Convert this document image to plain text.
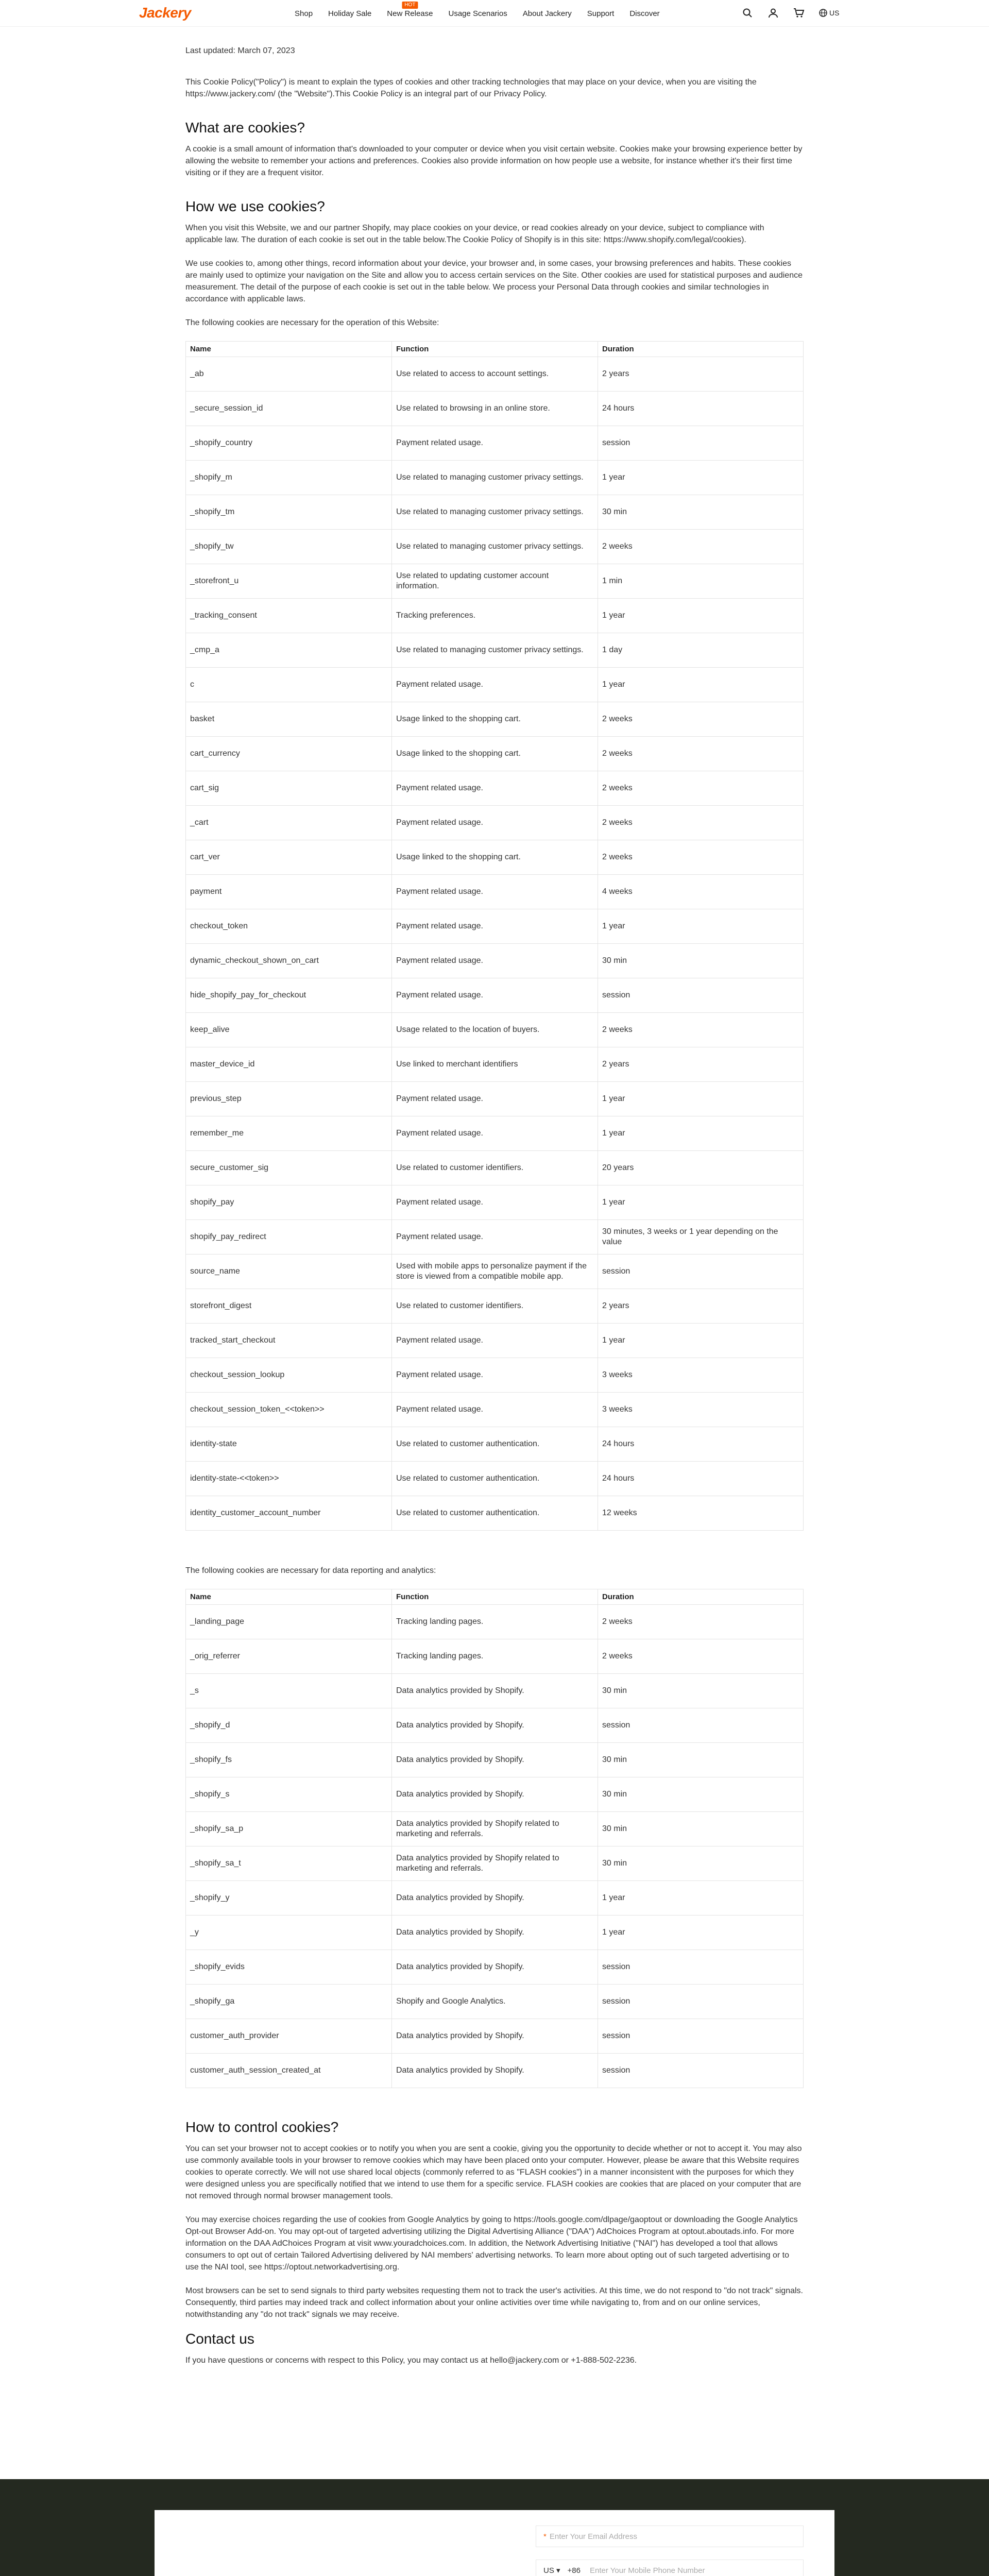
Jackery	Shop	Holiday Sale	New Release
HOT
Usage Scenarios	About Jackery	Support	Discover	US
Last updated: March 07, 2023

This Cookie Policy("Policy") is meant to explain the types of cookies and other tracking technologies that may place on your device, when you are visiting the https://www.jackery.com/ (the "Website").This Cookie Policy is an integral part of our Privacy Policy.

What are cookies?

A cookie is a small amount of information that's downloaded to your computer or device when you visit certain website. Cookies make your browsing experience better by allowing the website to remember your actions and preferences. Cookies also provide information on how people use a website, for instance whether it's their first time visiting or if they are a frequent visitor.

How we use cookies?

When you visit this Website, we and our partner Shopify, may place cookies on your device, or read cookies already on your device, subject to compliance with applicable law. The duration of each cookie is set out in the table below.The Cookie Policy of Shopify is in this site: https://www.shopify.com/legal/cookies).

We use cookies to, among other things, record information about your device, your browser and, in some cases, your browsing preferences and habits. These cookies are mainly used to optimize your navigation on the Site and allow you to access certain services on the Site. Other cookies are used for statistical purposes and audience measurement. The detail of the purpose of each cookie is set out in the table below. We process your Personal Data through cookies and similar technologies in accordance with applicable laws.

The following cookies are necessary for the operation of this Website:

Name	Function	Duration
_ab	Use related to access to account settings.	2 years
_secure_session_id	Use related to browsing in an online store.	24 hours
_shopify_country	Payment related usage.	session
_shopify_m	Use related to managing customer privacy settings.	1 year
_shopify_tm	Use related to managing customer privacy settings.	30 min
_shopify_tw	Use related to managing customer privacy settings.	2 weeks
_storefront_u	Use related to updating customer account information.	1 min
_tracking_consent	Tracking preferences.	1 year
_cmp_a	Use related to managing customer privacy settings.	1 day
c	Payment related usage.	1 year
basket	Usage linked to the shopping cart.	2 weeks
cart_currency	Usage linked to the shopping cart.	2 weeks
cart_sig	Payment related usage.	2 weeks
_cart	Payment related usage.	2 weeks
cart_ver	Usage linked to the shopping cart.	2 weeks
payment	Payment related usage.	4 weeks
checkout_token	Payment related usage.	1 year
dynamic_checkout_shown_on_cart	Payment related usage.	30 min
hide_shopify_pay_for_checkout	Payment related usage.	session
keep_alive	Usage related to the location of buyers.	2 weeks
master_device_id	Use linked to merchant identifiers	2 years
previous_step	Payment related usage.	1 year
remember_me	Payment related usage.	1 year
secure_customer_sig	Use related to customer identifiers.	20 years
shopify_pay	Payment related usage.	1 year
shopify_pay_redirect	Payment related usage.	30 minutes, 3 weeks or 1 year depending on the value
source_name	Used with mobile apps to personalize payment if the store is viewed from a compatible mobile app.	session
storefront_digest	Use related to customer identifiers.	2 years
tracked_start_checkout	Payment related usage.	1 year
checkout_session_lookup	Payment related usage.	3 weeks
checkout_session_token_<<token>>	Payment related usage.	3 weeks
identity-state	Use related to customer authentication.	24 hours
identity-state-<<token>>	Use related to customer authentication.	24 hours
identity_customer_account_number	Use related to customer authentication.	12 weeks

The following cookies are necessary for data reporting and analytics:

Name	Function	Duration
_landing_page	Tracking landing pages.	2 weeks
_orig_referrer	Tracking landing pages.	2 weeks
_s	Data analytics provided by Shopify.	30 min
_shopify_d	Data analytics provided by Shopify.	session
_shopify_fs	Data analytics provided by Shopify.	30 min
_shopify_s	Data analytics provided by Shopify.	30 min
_shopify_sa_p	Data analytics provided by Shopify related to marketing and referrals.	30 min
_shopify_sa_t	Data analytics provided by Shopify related to marketing and referrals.	30 min
_shopify_y	Data analytics provided by Shopify.	1 year
_y	Data analytics provided by Shopify.	1 year
_shopify_evids	Data analytics provided by Shopify.	session
_shopify_ga	Shopify and Google Analytics.	session
customer_auth_provider	Data analytics provided by Shopify.	session
customer_auth_session_created_at	Data analytics provided by Shopify.	session
How to control cookies?

You can set your browser not to accept cookies or to notify you when you are sent a cookie, giving you the opportunity to decide whether or not to accept it. You may also use commonly available tools in your browser to remove cookies which may have been placed onto your computer. However, please be aware that this Website requires cookies to operate correctly. We will not use shared local objects (commonly referred to as "FLASH cookies") in a manner inconsistent with the purposes for which they were designed unless you are specifically notified that we intend to use them for a specific service. FLASH cookies are cookies that are placed on your computer that are not removed through normal browser management tools.

You may exercise choices regarding the use of cookies from Google Analytics by going to https://tools.google.com/dlpage/gaoptout or downloading the Google Analytics Opt-out Browser Add-on. You may opt-out of targeted advertising utilizing the Digital Advertising Alliance ("DAA") AdChoices Program at optout.aboutads.info. For more information on the DAA AdChoices Program at visit www.youradchoices.com. In addition, the Network Advertising Initiative ("NAI") has developed a tool that allows consumers to opt out of certain Tailored Advertising delivered by NAI members' advertising networks. To learn more about opting out of such targeted advertising or to use the NAI tool, see https://optout.networkadvertising.org.

Most browsers can be set to send signals to third party websites requesting them not to track the user's activities. At this time, we do not respond to "do not track" signals. Consequently, third parties may indeed track and collect information about your online activities over time while navigating to, from and on our online services, notwithstanding any "do not track" signals we may receive.

Contact us

If you have questions or concerns with respect to this Policy, you may contact us at hello@jackery.com or +1-888-502-2236.

* Enter Your Email Address
US ▾ +86 Enter Your Mobile Phone Number
